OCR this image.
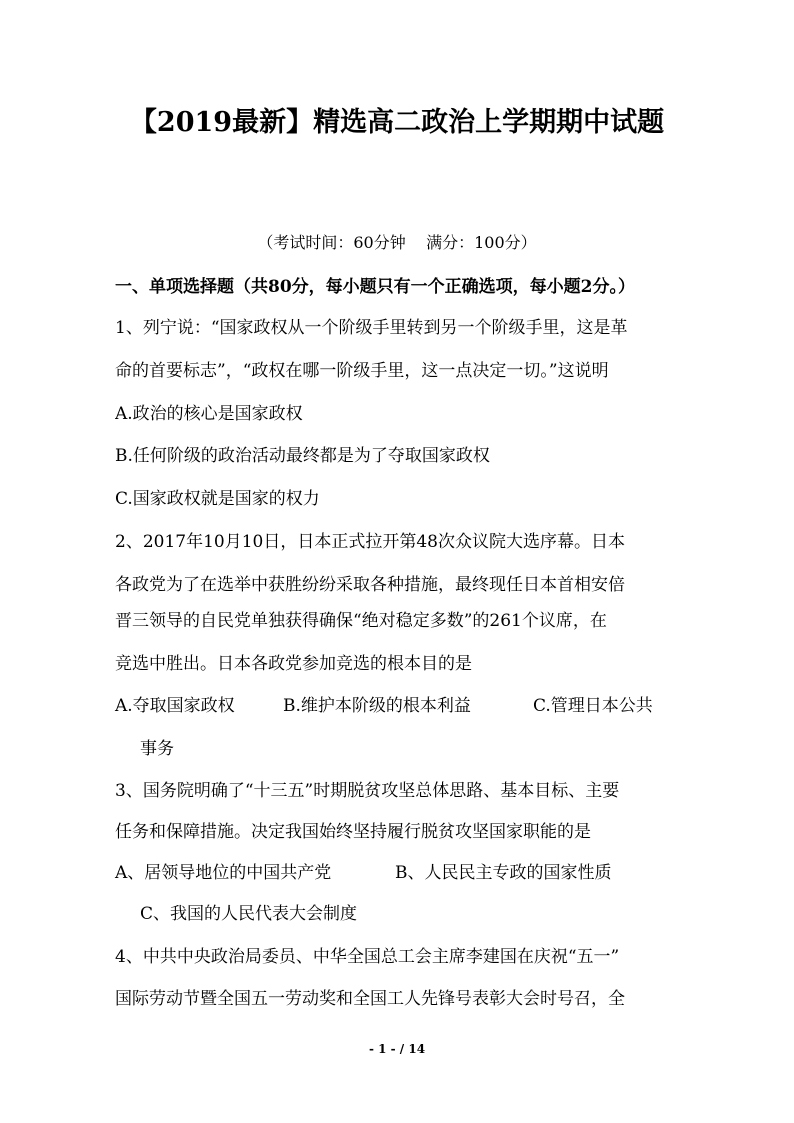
【2019最新】精选高二政治上学期期中试题
（考试时间：60分钟    满分：100分）
一、单项选择题（共80分，每小题只有一个正确选项，每小题2分。）
1、列宁说：“国家政权从一个阶级手里转到另一个阶级手里，这是革
命的首要标志”，“政权在哪一阶级手里，这一点决定一切。”这说明
A.政治的核心是国家政权
B.任何阶级的政治活动最终都是为了夺取国家政权
C.国家政权就是国家的权力
2、2017年10月10日，日本正式拉开第48次众议院大选序幕。日本
各政党为了在选举中获胜纷纷采取各种措施，最终现任日本首相安倍
晋三领导的自民党单独获得确保“绝对稳定多数”的261个议席，在
竞选中胜出。日本各政党参加竞选的根本目的是
A.夺取国家政权	B.维护本阶级的根本利益	C.管理日本公共
事务
3、国务院明确了“十三五”时期脱贫攻坚总体思路、基本目标、主要
任务和保障措施。决定我国始终坚持履行脱贫攻坚国家职能的是
A、居领导地位的中国共产党	B、人民民主专政的国家性质
C、我国的人民代表大会制度
4、中共中央政治局委员、中华全国总工会主席李建国在庆祝“五一”
国际劳动节暨全国五一劳动奖和全国工人先锋号表彰大会时号召，全
- 1 - / 14
